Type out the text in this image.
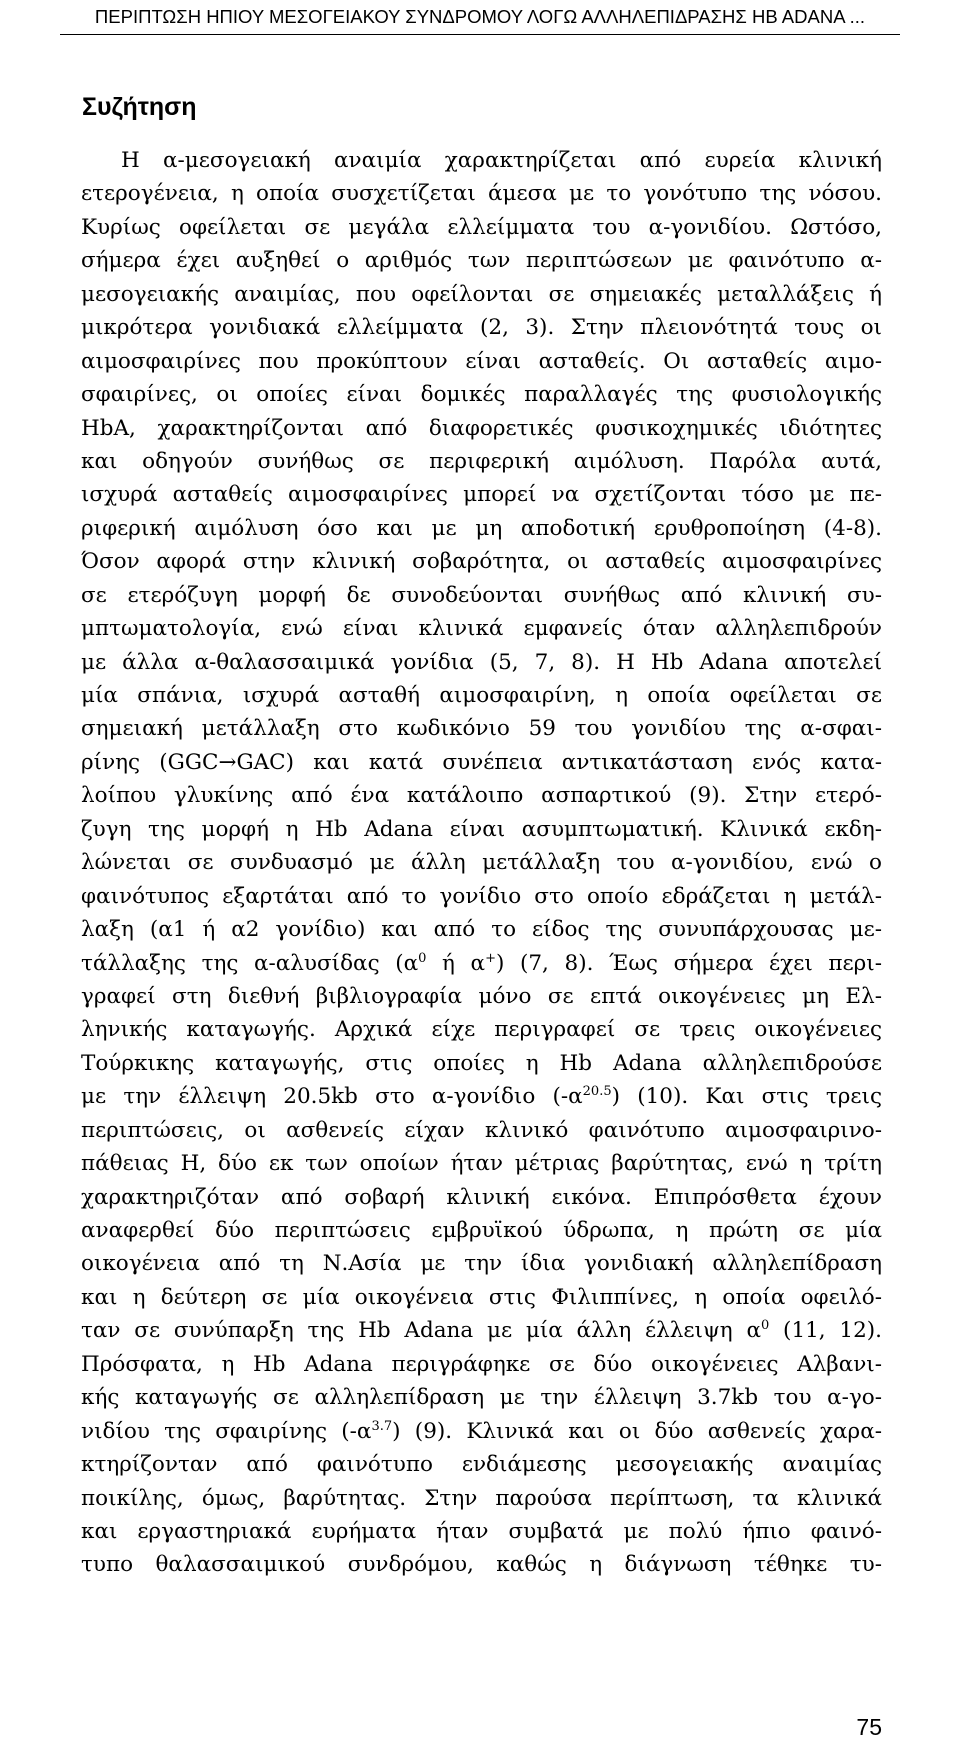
ΠΕΡΙΠΤΩΣΗ ΗΠΙΟΥ ΜΕΣΟΓΕΙΑΚΟΥ ΣΥΝΔΡΟΜΟΥ ΛΟΓΩ ΑΛΛΗΛΕΠΙΔΡΑΣΗΣ HB ADANA ...
Συζήτηση
Η α-μεσογειακή αναιμία χαρακτηρίζεται από ευρεία κλινική
ετερογένεια, η οποία συσχετίζεται άμεσα με το γονότυπο της νόσου.
Κυρίως οφείλεται σε μεγάλα ελλείμματα του α-γονιδίου. Ωστόσο,
σήμερα έχει αυξηθεί ο αριθμός των περιπτώσεων με φαινότυπο α-
μεσογειακής αναιμίας, που οφείλονται σε σημειακές μεταλλάξεις ή
μικρότερα γονιδιακά ελλείμματα (2, 3). Στην πλειονότητά τους οι
αιμοσφαιρίνες που προκύπτουν είναι ασταθείς. Οι ασταθείς αιμο-
σφαιρίνες, οι οποίες είναι δομικές παραλλαγές της φυσιολογικής
HbA, χαρακτηρίζονται από διαφορετικές φυσικοχημικές ιδιότητες
και οδηγούν συνήθως σε περιφερική αιμόλυση. Παρόλα αυτά,
ισχυρά ασταθείς αιμοσφαιρίνες μπορεί να σχετίζονται τόσο με πε-
ριφερική αιμόλυση όσο και με μη αποδοτική ερυθροποίηση (4-8).
Όσον αφορά στην κλινική σοβαρότητα, οι ασταθείς αιμοσφαιρίνες
σε ετερόζυγη μορφή δε συνοδεύονται συνήθως από κλινική συ-
μπτωματολογία, ενώ είναι κλινικά εμφανείς όταν αλληλεπιδρούν
με άλλα α-θαλασσαιμικά γονίδια (5, 7, 8). Η Hb Adana αποτελεί
μία σπάνια, ισχυρά ασταθή αιμοσφαιρίνη, η οποία οφείλεται σε
σημειακή μετάλλαξη στο κωδικόνιο 59 του γονιδίου της α-σφαι-
ρίνης (GGC→GAC) και κατά συνέπεια αντικατάσταση ενός κατα-
λοίπου γλυκίνης από ένα κατάλοιπο ασπαρτικού (9). Στην ετερό-
ζυγη της μορφή η Hb Adana είναι ασυμπτωματική. Κλινικά εκδη-
λώνεται σε συνδυασμό με άλλη μετάλλαξη του α-γονιδίου, ενώ ο
φαινότυπος εξαρτάται από το γονίδιο στο οποίο εδράζεται η μετάλ-
λαξη (α1 ή α2 γονίδιο) και από το είδος της συνυπάρχουσας με-
τάλλαξης της α-αλυσίδας ($\alpha^0$ ή α+) (7, 8). Έως σήμερα έχει περι-
γραφεί στη διεθνή βιβλιογραφία μόνο σε επτά οικογένειες μη Ελ-
ληνικής καταγωγής. Αρχικά είχε περιγραφεί σε τρεις οικογένειες
Τούρκικης καταγωγής, στις οποίες η Hb Adana αλληλεπιδρούσε
με την έλλειψη 20.5kb στο α-γονίδιο $(-\alpha^{20.5})$ (10). Και στις τρεις
περιπτώσεις, οι ασθενείς είχαν κλινικό φαινότυπο αιμοσφαιρινο-
πάθειας Η, δύο εκ των οποίων ήταν μέτριας βαρύτητας, ενώ η τρίτη
χαρακτηριζόταν από σοβαρή κλινική εικόνα. Επιπρόσθετα έχουν
αναφερθεί δύο περιπτώσεις εμβρυϊκού ύδρωπα, η πρώτη σε μία
οικογένεια από τη Ν.Ασία με την ίδια γονιδιακή αλληλεπίδραση
και η δεύτερη σε μία οικογένεια στις Φιλιππίνες, η οποία οφειλό-
ταν σε συνύπαρξη της Hb Adana με μία άλλη έλλειψη $\alpha^0$ (11, 12).
Πρόσφατα, η Hb Adana περιγράφηκε σε δύο οικογένειες Αλβανι-
κής καταγωγής σε αλληλεπίδραση με την έλλειψη 3.7kb του α-γο-
νιδίου της σφαιρίνης $(-\alpha^{3.7})$ (9). Κλινικά και οι δύο ασθενείς χαρα-
κτηρίζονταν από φαινότυπο ενδιάμεσης μεσογειακής αναιμίας
ποικίλης, όμως, βαρύτητας. Στην παρούσα περίπτωση, τα κλινικά
και εργαστηριακά ευρήματα ήταν συμβατά με πολύ ήπιο φαινό-
τυπο θαλασσαιμικού συνδρόμου, καθώς η διάγνωση τέθηκε τυ-
75
